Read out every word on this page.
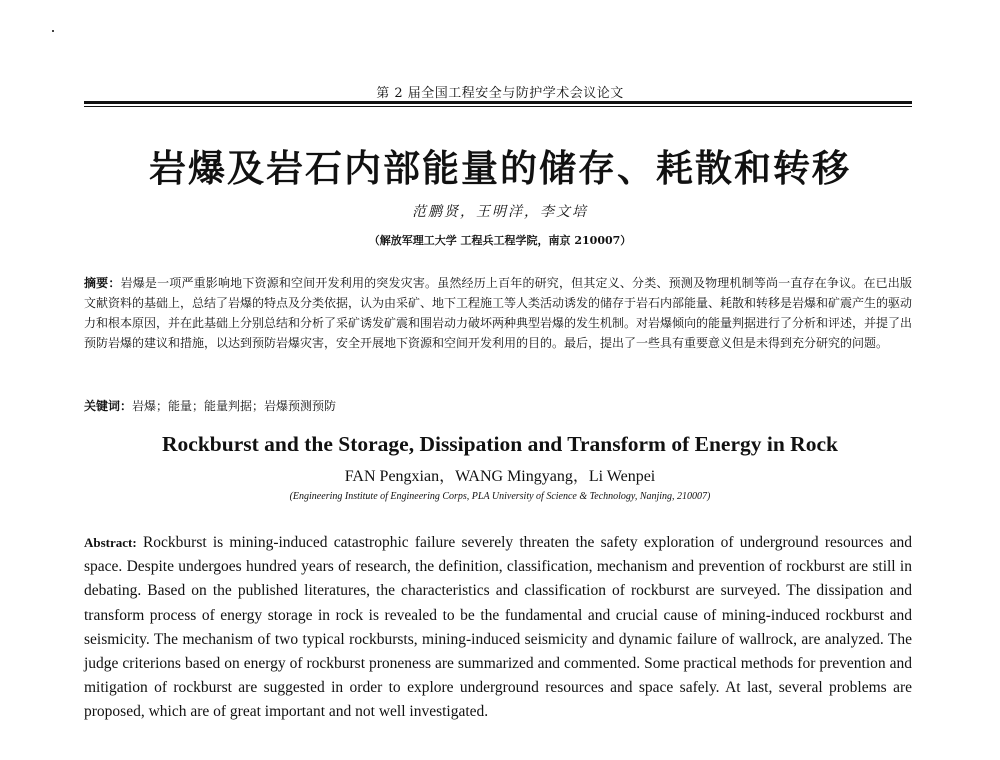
第 2 届全国工程安全与防护学术会议论文
岩爆及岩石内部能量的储存、耗散和转移
范鹏贤，王明洋，李文培
（解放军理工大学 工程兵工程学院，南京 210007）
摘要：岩爆是一项严重影响地下资源和空间开发利用的突发灾害。虽然经历上百年的研究，但其定义、分类、预测及物理机制等尚一直存在争议。在已出版文献资料的基础上，总结了岩爆的特点及分类依据，认为由采矿、地下工程施工等人类活动诱发的储存于岩石内部能量、耗散和转移是岩爆和矿震产生的驱动力和根本原因，并在此基础上分别总结和分析了采矿诱发矿震和围岩动力破坏两种典型岩爆的发生机制。对岩爆倾向的能量判据进行了分析和评述，并提了出预防岩爆的建议和措施，以达到预防岩爆灾害，安全开展地下资源和空间开发利用的目的。最后，提出了一些具有重要意义但是未得到充分研究的问题。
关键词：岩爆；能量；能量判据；岩爆预测预防
Rockburst and the Storage, Dissipation and Transform of Energy in Rock
FAN Pengxian，WANG Mingyang，Li Wenpei
(Engineering Institute of Engineering Corps, PLA University of Science & Technology, Nanjing, 210007)
Abstract: Rockburst is mining-induced catastrophic failure severely threaten the safety exploration of underground resources and space. Despite undergoes hundred years of research, the definition, classification, mechanism and prevention of rockburst are still in debating. Based on the published literatures, the characteristics and classification of rockburst are surveyed. The dissipation and transform process of energy storage in rock is revealed to be the fundamental and crucial cause of mining-induced rockburst and seismicity. The mechanism of two typical rockbursts, mining-induced seismicity and dynamic failure of wallrock, are analyzed. The judge criterions based on energy of rockburst proneness are summarized and commented. Some practical methods for prevention and mitigation of rockburst are suggested in order to explore underground resources and space safely. At last, several problems are proposed, which are of great important and not well investigated.
